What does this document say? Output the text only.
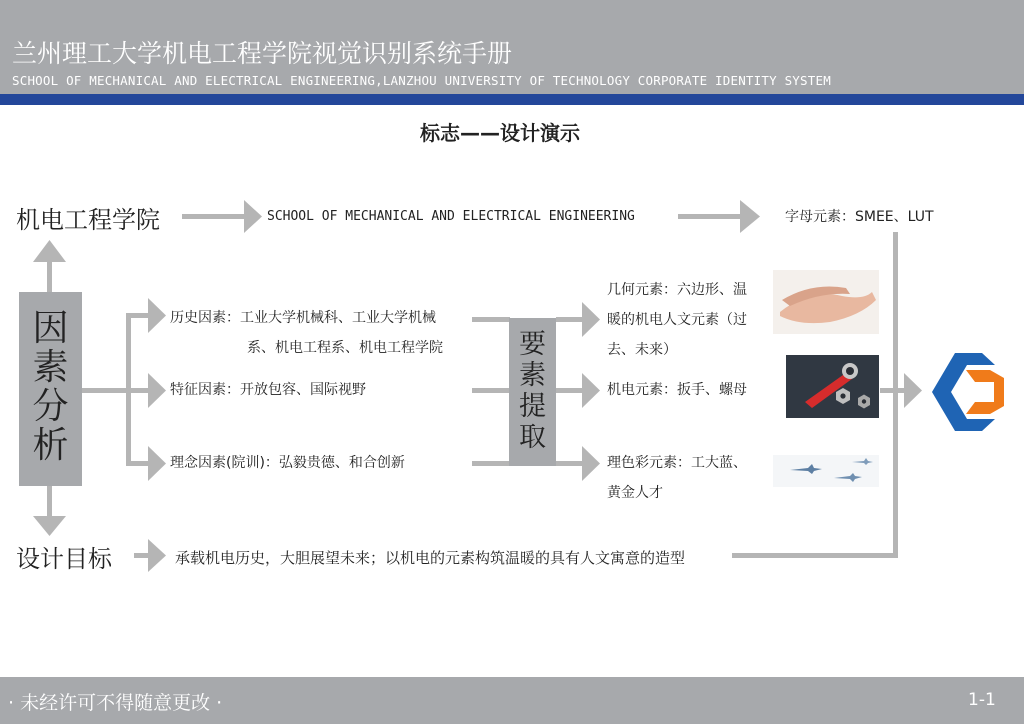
兰州理工大学机电工程学院视觉识别系统手册
SCHOOL OF MECHANICAL AND ELECTRICAL ENGINEERING,LANZHOU UNIVERSITY OF TECHNOLOGY CORPORATE IDENTITY SYSTEM
标志——设计演示
机电工程学院	SCHOOL OF MECHANICAL AND ELECTRICAL ENGINEERING	字母元素：SMEE、LUT
因
素
分
析
历史因素：工业大学机械科、工业大学机械
系、机电工程系、机电工程学院
特征因素：开放包容、国际视野
理念因素(院训)：弘毅贵德、和合创新
要
素
提
取
几何元素：六边形、温
暖的机电人文元素（过
去、未来）
机电元素：扳手、螺母
理色彩元素：工大蓝、
黄金人才
设计目标	承载机电历史，大胆展望未来；以机电的元素构筑温暖的具有人文寓意的造型
· 未经许可不得随意更改 ·	1-1
